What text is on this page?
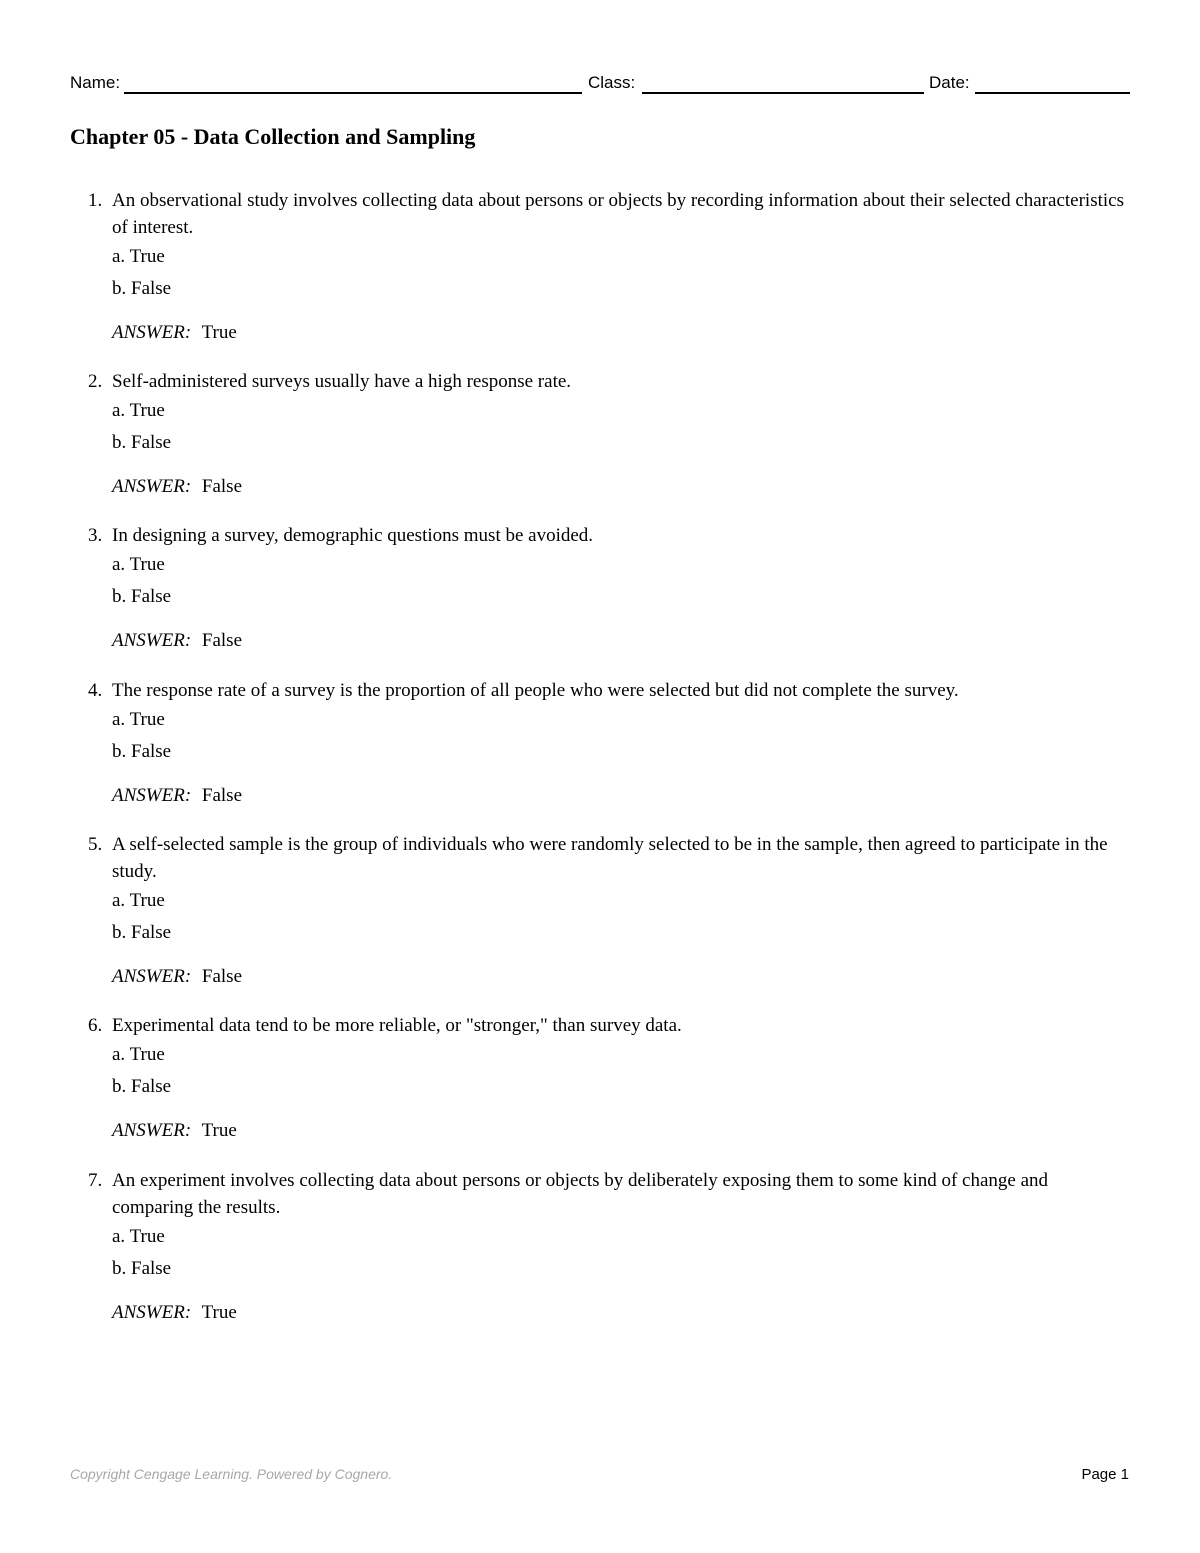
Name:	Class:	Date:
Chapter 05 - Data Collection and Sampling
1. An observational study involves collecting data about persons or objects by recording information about their selected characteristics of interest.
a. True
b. False
ANSWER: True
2. Self-administered surveys usually have a high response rate.
a. True
b. False
ANSWER: False
3. In designing a survey, demographic questions must be avoided.
a. True
b. False
ANSWER: False
4. The response rate of a survey is the proportion of all people who were selected but did not complete the survey.
a. True
b. False
ANSWER: False
5. A self-selected sample is the group of individuals who were randomly selected to be in the sample, then agreed to participate in the study.
a. True
b. False
ANSWER: False
6. Experimental data tend to be more reliable, or "stronger," than survey data.
a. True
b. False
ANSWER: True
7. An experiment involves collecting data about persons or objects by deliberately exposing them to some kind of change and comparing the results.
a. True
b. False
ANSWER: True
Copyright Cengage Learning. Powered by Cognero.	Page 1
